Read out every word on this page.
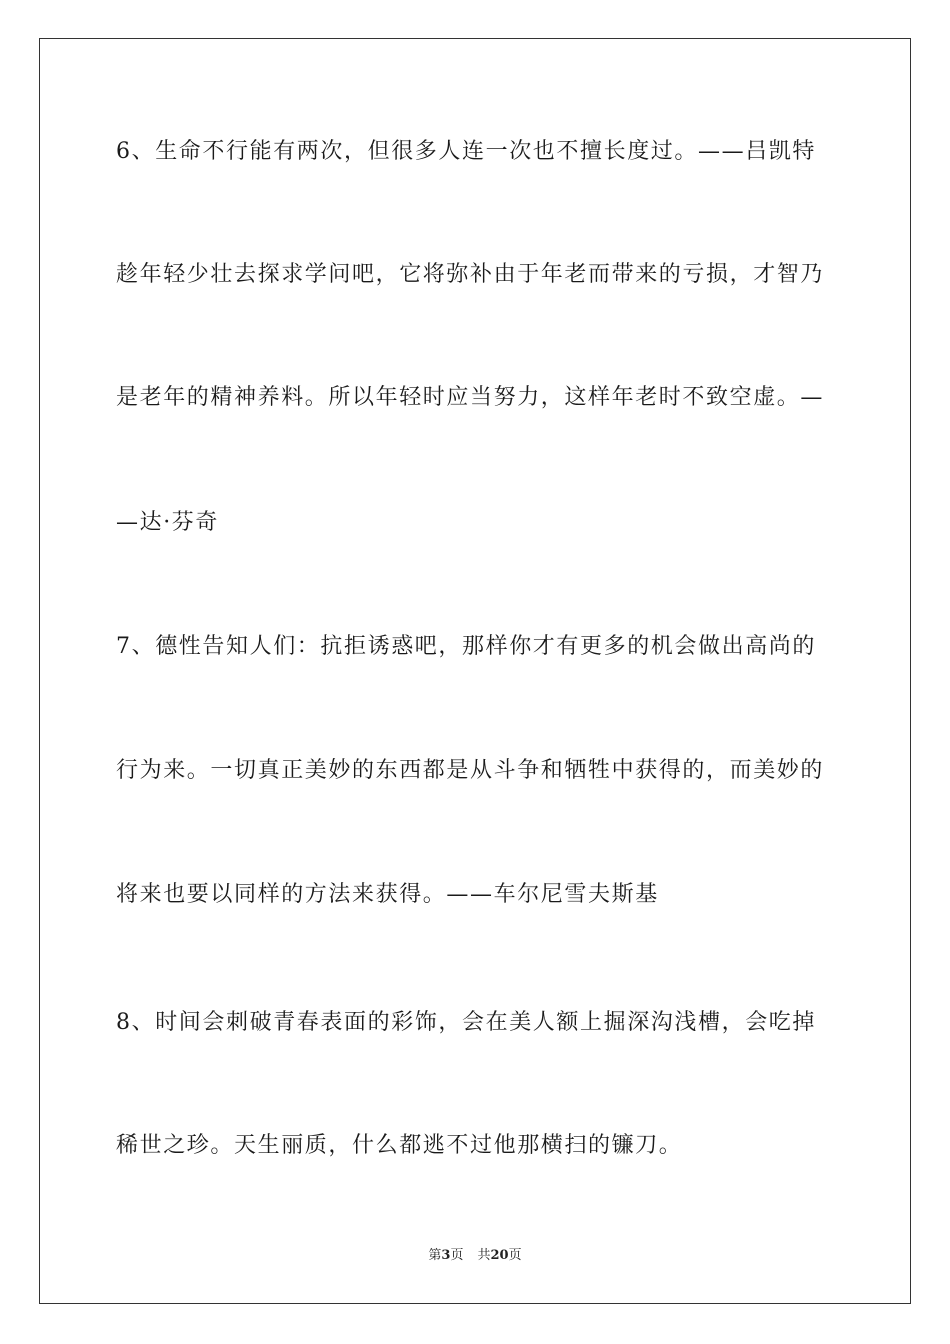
6、生命不行能有两次，但很多人连一次也不擅长度过。——吕凯特
趁年轻少壮去探求学问吧，它将弥补由于年老而带来的亏损，才智乃
是老年的精神养料。所以年轻时应当努力，这样年老时不致空虚。—
—达·芬奇
7、德性告知人们：抗拒诱惑吧，那样你才有更多的机会做出高尚的
行为来。一切真正美妙的东西都是从斗争和牺牲中获得的，而美妙的
将来也要以同样的方法来获得。——车尔尼雪夫斯基
8、时间会刺破青春表面的彩饰，会在美人额上掘深沟浅槽，会吃掉
稀世之珍。天生丽质，什么都逃不过他那横扫的镰刀。
第3页 共20页
